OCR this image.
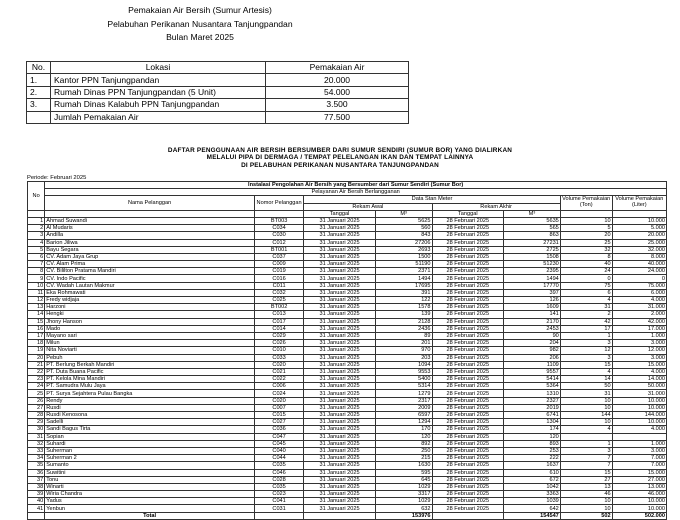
Pemakaian Air Bersih (Sumur Artesis)
Pelabuhan Perikanan Nusantara Tanjungpandan
Bulan Maret 2025
No.	Lokasi	Pemakaian Air
1.	Kantor PPN Tanjungpandan	20.000
2.	Rumah Dinas PPN Tanjungpandan (5 Unit)	54.000
3.	Rumah Dinas Kalabuh PPN Tanjungpandan	3.500
	Jumlah Pemakaian Air	77.500
DAFTAR PENGGUNAAN AIR BERSIH BERSUMBER DARI SUMUR SENDIRI (SUMUR BOR) YANG DIALIRKAN
MELALUI PIPA DI DERMAGA / TEMPAT PELELANGAN IKAN DAN TEMPAT LAINNYA
DI PELABUHAN PERIKANAN NUSANTARA TANJUNGPANDAN
Periode: Februari 2025
No	Instalasi Pengolahan Air Bersih yang Bersumber dari Sumur Sendiri (Sumur Bor)							
	Pelayanan Air Bersih Berlangganan							
	Nama Pelanggan	Nomor Pelanggan	Data Stan Meter				Volume Pemakaian (Ton)	Volume Pemakaian (Liter)
			Rekam Awal		Rekam Akhir			
			Tanggal	M³	Tanggal	M³		
1	Ahmad Suwandi	BT003	31 Januari 2025	5625	28 Februari 2025	5635	10	10.000
2	Al Mudaris	C034	31 Januari 2025	560	28 Februari 2025	565	5	5.000
3	Andilla	C030	31 Januari 2025	843	28 Februari 2025	863	20	20.000
4	Barion Jiliwa	C012	31 Januari 2025	27206	28 Februari 2025	27231	25	25.000
5	Bayu Segara	BT001	31 Januari 2025	2693	28 Februari 2025	2725	32	32.000
6	CV. Adam Jaya Grup	C037	31 Januari 2025	1500	28 Februari 2025	1508	8	8.000
7	CV. Alam Prima	C009	31 Januari 2025	51190	28 Februari 2025	51230	40	40.000
8	CV. Bililton Pratama Mandiri	C019	31 Januari 2025	2371	28 Februari 2025	2395	24	24.000
9	CV. Indo Pacific	C016	31 Januari 2025	1494	28 Februari 2025	1494	0	0
10	CV. Wadah Lautan Makmur	C011	31 Januari 2025	17695	28 Februari 2025	17770	75	75.000
11	Eka Rohmawati	C032	31 Januari 2025	391	28 Februari 2025	397	6	6.000
12	Fredy widjaja	C025	31 Januari 2025	122	28 Februari 2025	126	4	4.000
13	Harzoni	BT002	31 Januari 2025	1578	28 Februari 2025	1609	31	31.000
14	Hengki	C013	31 Januari 2025	139	28 Februari 2025	141	2	2.000
15	Jhony Hanson	C017	31 Januari 2025	2128	28 Februari 2025	2170	42	42.000
16	Mado	C014	31 Januari 2025	2436	28 Februari 2025	2453	17	17.000
17	Mayano sari	C029	31 Januari 2025	89	28 Februari 2025	90	1	1.000
18	Milun	C026	31 Januari 2025	201	28 Februari 2025	204	3	3.000
19	Nita Noviarti	C010	31 Januari 2025	970	28 Februari 2025	982	12	12.000
20	Pebuh	C033	31 Januari 2025	203	28 Februari 2025	206	3	3.000
21	PT. Berlung Berkah Mandiri	C020	31 Januari 2025	1094	28 Februari 2025	1109	15	15.000
22	PT. Duta Buana Pacific	C021	31 Januari 2025	9553	28 Februari 2025	9557	4	4.000
23	PT. Kelola Mina Mandiri	C022	31 Januari 2025	5400	28 Februari 2025	5414	14	14.000
24	PT. Samudra Mulu Jaya	C006	31 Januari 2025	5314	28 Februari 2025	5364	50	50.000
25	PT. Surya Sejahtera Pulau Bangka	C024	31 Januari 2025	1279	28 Februari 2025	1310	31	31.000
26	Rendy	C020	31 Januari 2025	2317	28 Februari 2025	2327	10	10.000
27	Rusdi	C007	31 Januari 2025	2009	28 Februari 2025	2019	10	10.000
28	Rusdi Kenosona	C015	31 Januari 2025	6597	28 Februari 2025	6741	144	144.000
29	Sadelli	C027	31 Januari 2025	1294	28 Februari 2025	1304	10	10.000
30	Sandi Bagus Tirta	C036	31 Januari 2025	170	28 Februari 2025	174	4	4.000
31	Sopian	C047	31 Januari 2025	120	28 Februari 2025	120		
32	Suhardi	C045	31 Januari 2025	892	28 Februari 2025	893	1	1.000
33	Suherman	C040	31 Januari 2025	250	28 Februari 2025	253	3	3.000
34	Suherman 2	C044	31 Januari 2025	215	28 Februari 2025	222	7	7.000
35	Sumanto	C035	31 Januari 2025	1630	28 Februari 2025	1637	7	7.000
36	Suwitini	C046	31 Januari 2025	595	28 Februari 2025	610	15	15.000
37	Tonu	C028	31 Januari 2025	645	28 Februari 2025	672	27	27.000
38	Winarti	C035	31 Januari 2025	1029	28 Februari 2025	1042	13	13.000
39	Wiria Chandra	C023	31 Januari 2025	3317	28 Februari 2025	3363	46	46.000
40	Yadus	C041	31 Januari 2025	1029	28 Februari 2025	1039	10	10.000
41	Yenbun	C031	31 Januari 2025	632	28 Februari 2025	642	10	10.000
	Total			153976		154547	502	502.000
